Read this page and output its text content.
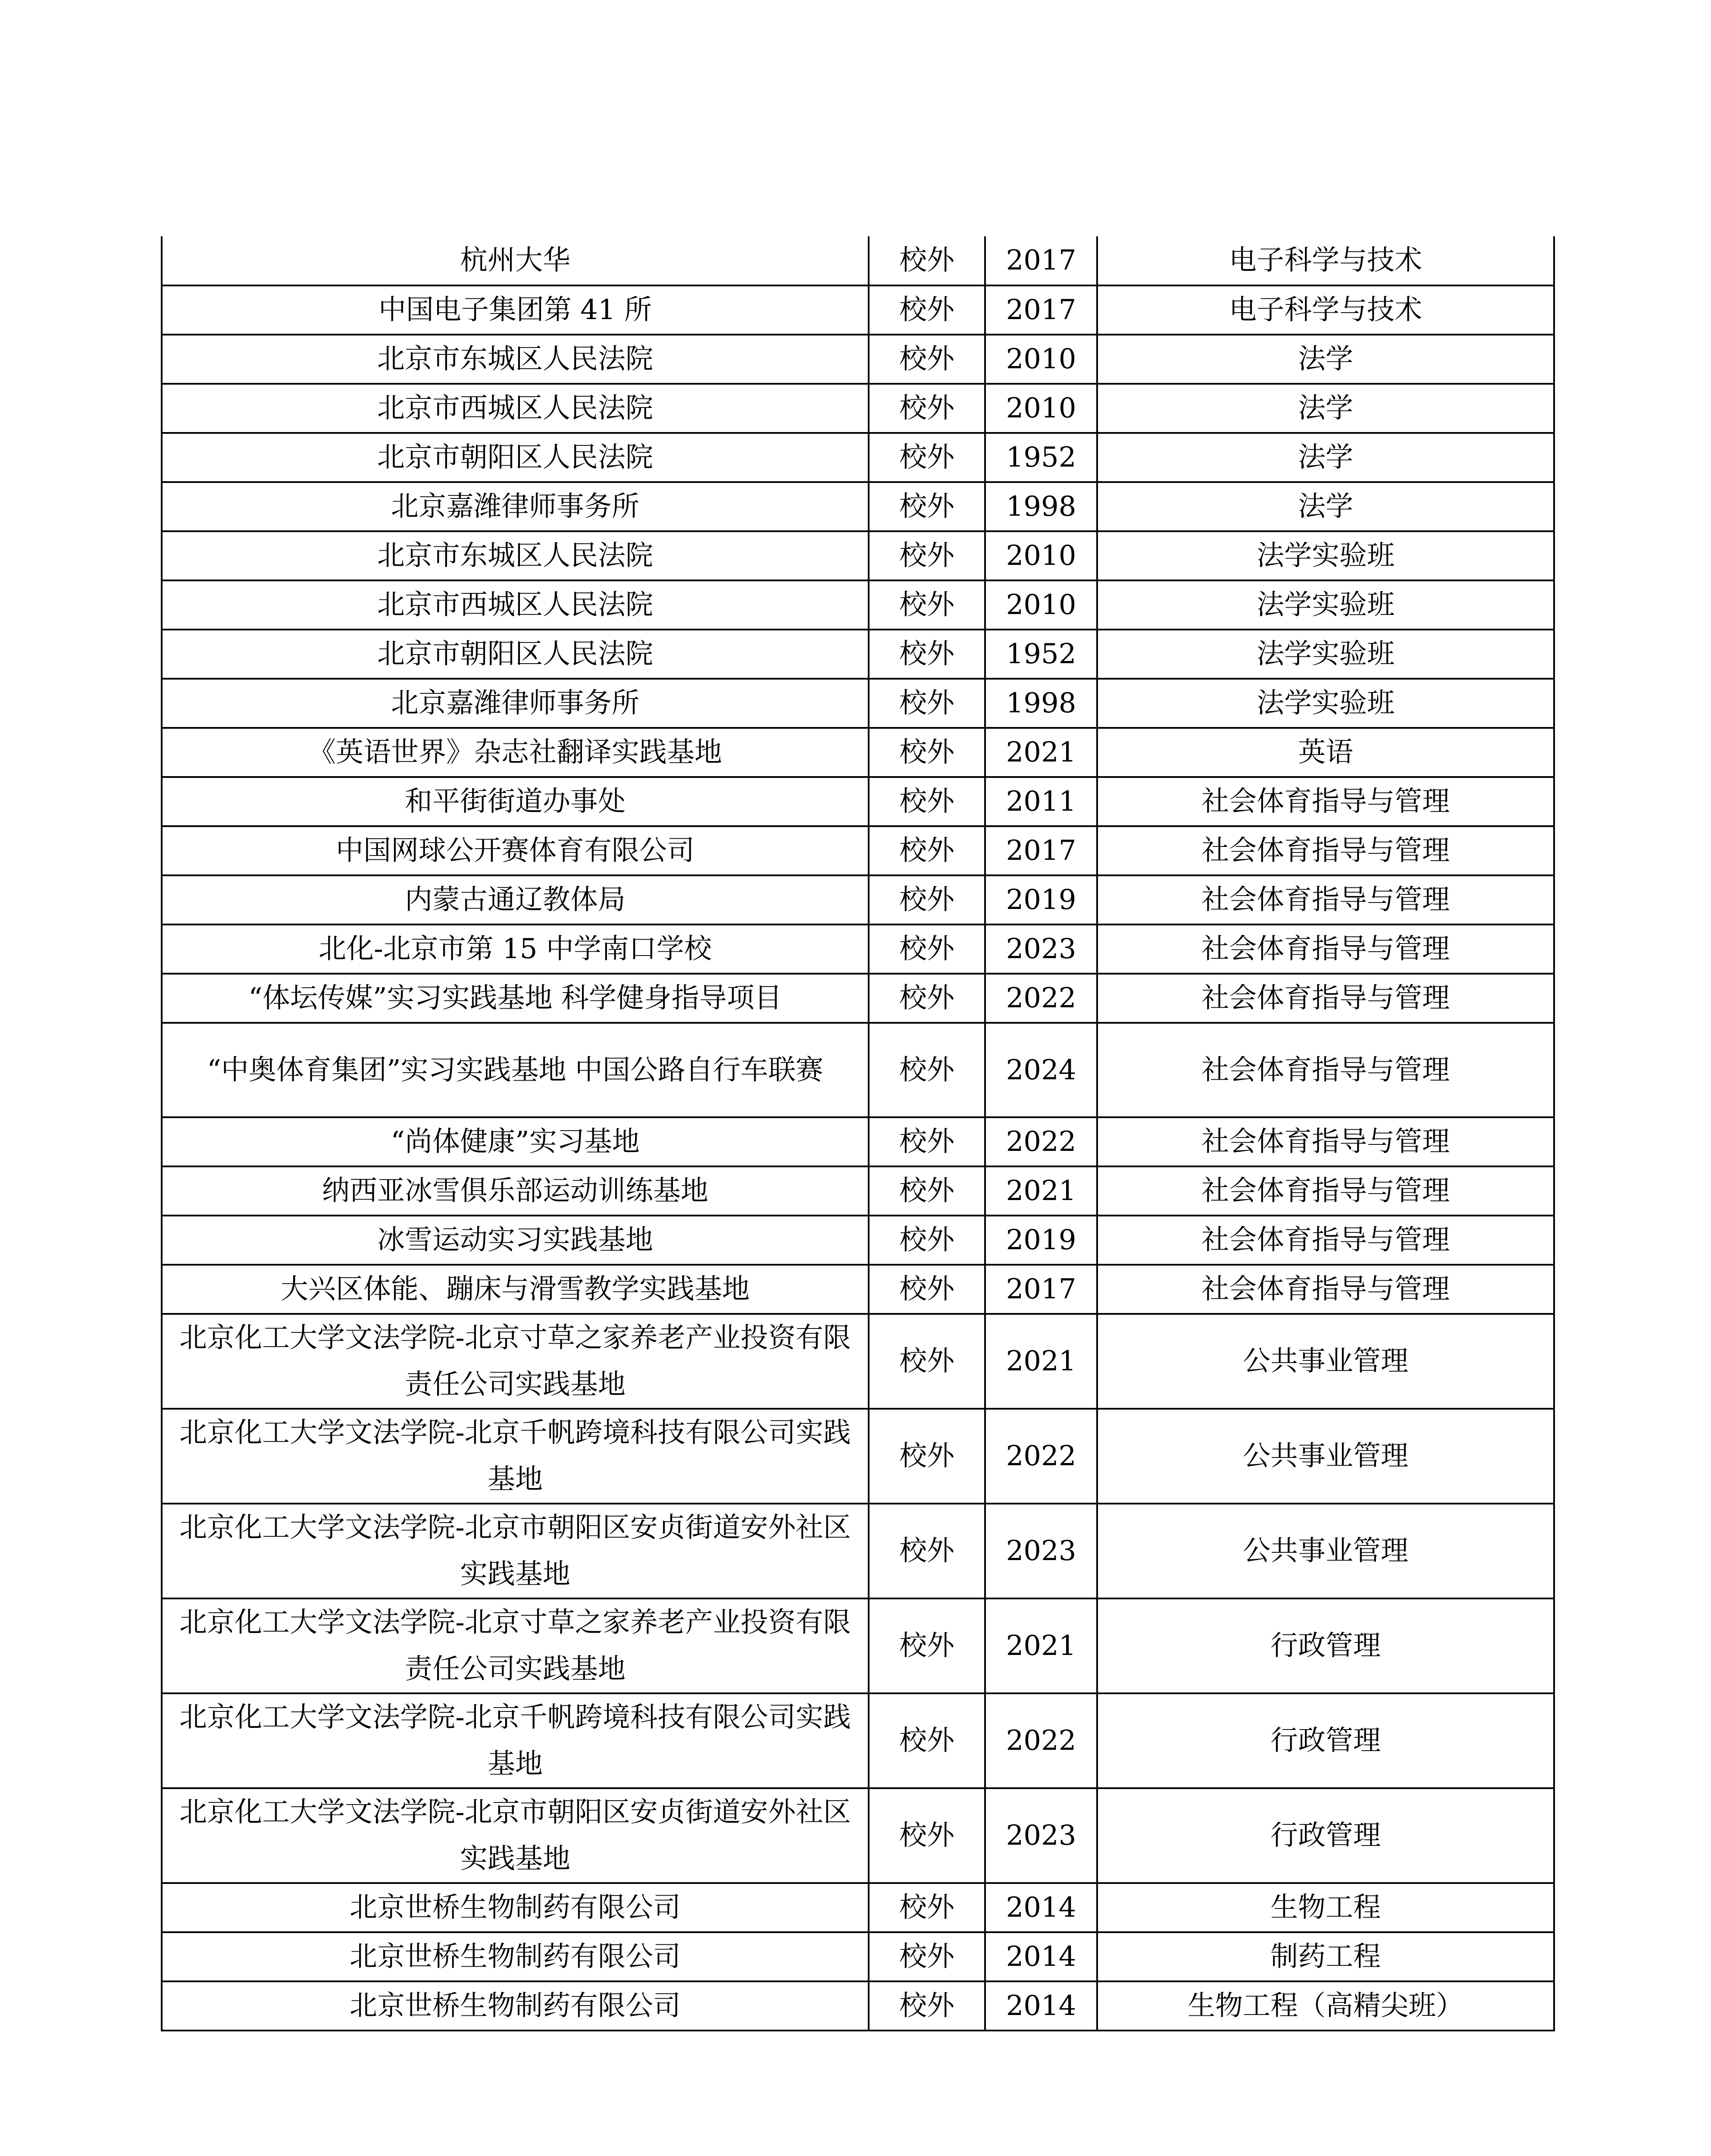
杭州大华	校外	2017	电子科学与技术
中国电子集团第 41 所	校外	2017	电子科学与技术
北京市东城区人民法院	校外	2010	法学
北京市西城区人民法院	校外	2010	法学
北京市朝阳区人民法院	校外	1952	法学
北京嘉潍律师事务所	校外	1998	法学
北京市东城区人民法院	校外	2010	法学实验班
北京市西城区人民法院	校外	2010	法学实验班
北京市朝阳区人民法院	校外	1952	法学实验班
北京嘉潍律师事务所	校外	1998	法学实验班
《英语世界》杂志社翻译实践基地	校外	2021	英语
和平街街道办事处	校外	2011	社会体育指导与管理
中国网球公开赛体育有限公司	校外	2017	社会体育指导与管理
内蒙古通辽教体局	校外	2019	社会体育指导与管理
北化-北京市第 15 中学南口学校	校外	2023	社会体育指导与管理
“体坛传媒”实习实践基地 科学健身指导项目	校外	2022	社会体育指导与管理
“中奥体育集团”实习实践基地 中国公路自行车联赛	校外	2024	社会体育指导与管理
“尚体健康”实习基地	校外	2022	社会体育指导与管理
纳西亚冰雪俱乐部运动训练基地	校外	2021	社会体育指导与管理
冰雪运动实习实践基地	校外	2019	社会体育指导与管理
大兴区体能、蹦床与滑雪教学实践基地	校外	2017	社会体育指导与管理
北京化工大学文法学院-北京寸草之家养老产业投资有限责任公司实践基地	校外	2021	公共事业管理
北京化工大学文法学院-北京千帆跨境科技有限公司实践基地	校外	2022	公共事业管理
北京化工大学文法学院-北京市朝阳区安贞街道安外社区实践基地	校外	2023	公共事业管理
北京化工大学文法学院-北京寸草之家养老产业投资有限责任公司实践基地	校外	2021	行政管理
北京化工大学文法学院-北京千帆跨境科技有限公司实践基地	校外	2022	行政管理
北京化工大学文法学院-北京市朝阳区安贞街道安外社区实践基地	校外	2023	行政管理
北京世桥生物制药有限公司	校外	2014	生物工程
北京世桥生物制药有限公司	校外	2014	制药工程
北京世桥生物制药有限公司	校外	2014	生物工程（高精尖班）
